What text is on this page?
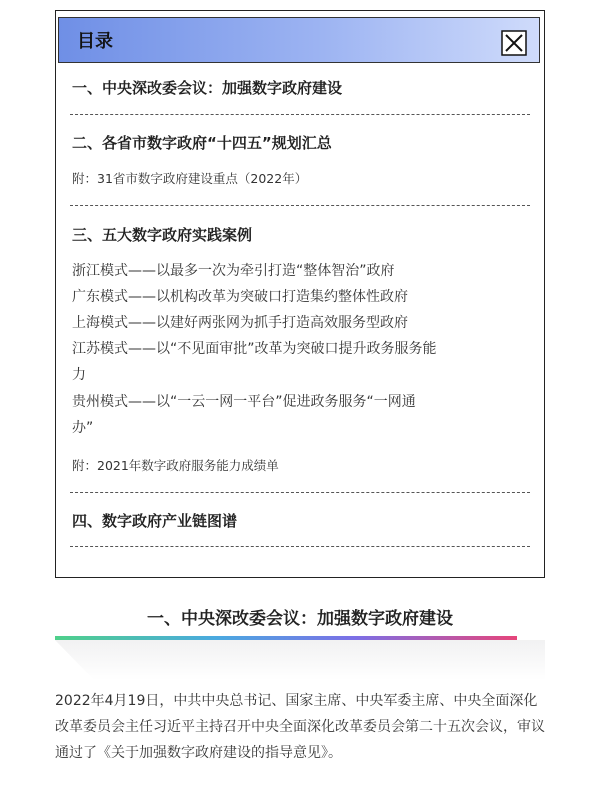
目录
一、中央深改委会议：加强数字政府建设
二、各省市数字政府“十四五”规划汇总
附：31省市数字政府建设重点（2022年）
三、五大数字政府实践案例
浙江模式——以最多一次为牵引打造“整体智治”政府
广东模式——以机构改革为突破口打造集约整体性政府
上海模式——以建好两张网为抓手打造高效服务型政府
江苏模式——以“不见面审批”改革为突破口提升政务服务能
力
贵州模式——以“一云一网一平台”促进政务服务“一网通
办”
附：2021年数字政府服务能力成绩单
四、数字政府产业链图谱
一、中央深改委会议：加强数字政府建设
2022年4月19日，中共中央总书记、国家主席、中央军委主席、中央全面深化改革委员会主任习近平主持召开中央全面深化改革委员会第二十五次会议，审议通过了《关于加强数字政府建设的指导意见》。
